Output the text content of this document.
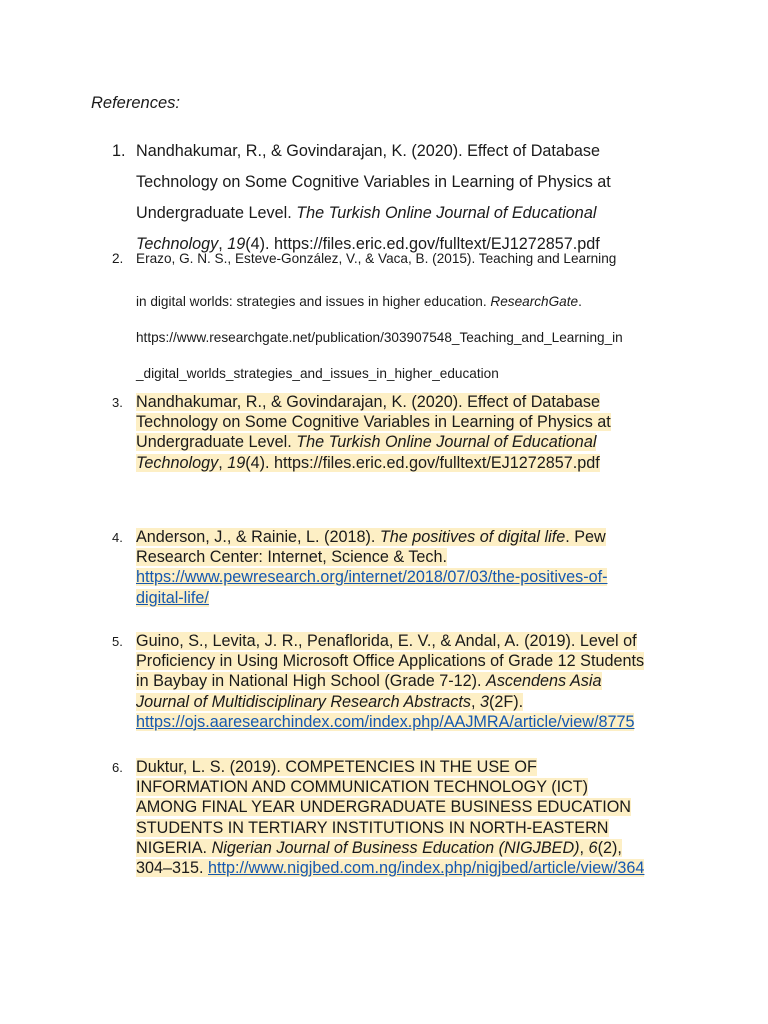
References:
1. Nandhakumar, R., & Govindarajan, K. (2020). Effect of Database
Technology on Some Cognitive Variables in Learning of Physics at
Undergraduate Level. The Turkish Online Journal of Educational
Technology, 19(4). https://files.eric.ed.gov/fulltext/EJ1272857.pdf
2. Erazo, G. N. S., Esteve-González, V., & Vaca, B. (2015). Teaching and Learning
in digital worlds: strategies and issues in higher education. ResearchGate.
https://www.researchgate.net/publication/303907548_Teaching_and_Learning_in
_digital_worlds_strategies_and_issues_in_higher_education
3. Nandhakumar, R., & Govindarajan, K. (2020). Effect of Database
Technology on Some Cognitive Variables in Learning of Physics at
Undergraduate Level. The Turkish Online Journal of Educational
Technology, 19(4). https://files.eric.ed.gov/fulltext/EJ1272857.pdf
4. Anderson, J., & Rainie, L. (2018). The positives of digital life. Pew
Research Center: Internet, Science & Tech.
https://www.pewresearch.org/internet/2018/07/03/the-positives-of-
digital-life/
5. Guino, S., Levita, J. R., Penaflorida, E. V., & Andal, A. (2019). Level of
Proficiency in Using Microsoft Office Applications of Grade 12 Students
in Baybay in National High School (Grade 7-12). Ascendens Asia
Journal of Multidisciplinary Research Abstracts, 3(2F).
https://ojs.aaresearchindex.com/index.php/AAJMRA/article/view/8775
6. Duktur, L. S. (2019). COMPETENCIES IN THE USE OF
INFORMATION AND COMMUNICATION TECHNOLOGY (ICT)
AMONG FINAL YEAR UNDERGRADUATE BUSINESS EDUCATION
STUDENTS IN TERTIARY INSTITUTIONS IN NORTH-EASTERN
NIGERIA. Nigerian Journal of Business Education (NIGJBED), 6(2),
304–315. http://www.nigjbed.com.ng/index.php/nigjbed/article/view/364
